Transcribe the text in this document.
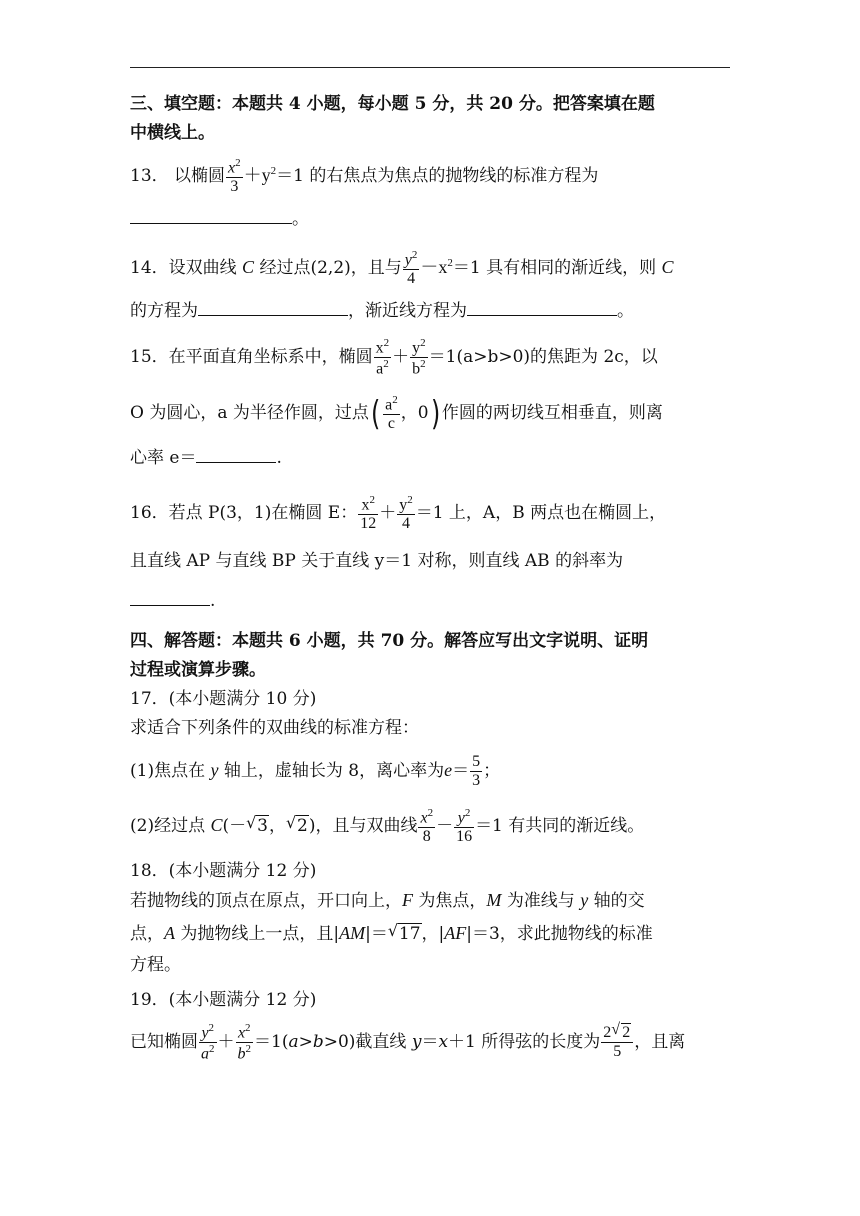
三、填空题：本题共 4 小题，每小题 5 分，共 20 分。把答案填在题
中横线上。
13． 以椭圆 $\frac{x^2}{3} +y^2=1$ 的右焦点为焦点的抛物线的标准方程为
。
14．设双曲线 C 经过点(2,2)，且与 $\frac{y^2}{4} -x^2=1$ 具有相同的渐近线，则 C
的方程为	，渐近线方程为	。
15．在平面直角坐标系中，椭圆 $\frac{x^2}{a^2} + \frac{y^2}{b^2} =1(a>b>0)$的焦距为 2c，以
O 为圆心，a 为半径作圆，过点( $\frac{a^2}{c}$ ，0) 作圆的两切线互相垂直，则离
心率 e＝	.
16．若点 P(3，1)在椭圆 E： $\frac{x^2}{12} + \frac{y^2}{4} =1$ 上，A，B 两点也在椭圆上，
且直线 AP 与直线 BP 关于直线 y＝1 对称，则直线 AB 的斜率为
.
四、解答题：本题共 6 小题，共 70 分。解答应写出文字说明、证明
过程或演算步骤。
17．(本小题满分 10 分)
求适合下列条件的双曲线的标准方程：
(1)焦点在 y 轴上，虚轴长为 8，离心率为$e= \frac{5}{3}$ ；
(2)经过点 C(－ √ 3， √ 2)，且与双曲线 $\frac{x^2}{8} - \frac{y^2}{16} =1$ 有共同的渐近线。
18．(本小题满分 12 分)
若抛物线的顶点在原点，开口向上，F 为焦点，M 为准线与 y 轴的交
点，A 为抛物线上一点，且|AM|＝ √ 17，|AF|＝3，求此抛物线的标准
方程。
19．(本小题满分 12 分)
已知椭圆 $\frac{y^2}{a^2} + \frac{x^2}{b^2} =1(a>b>0)$截直线 y＝x＋1 所得弦的长度为 $\frac{2 √ 2}{5}$ ，且离
